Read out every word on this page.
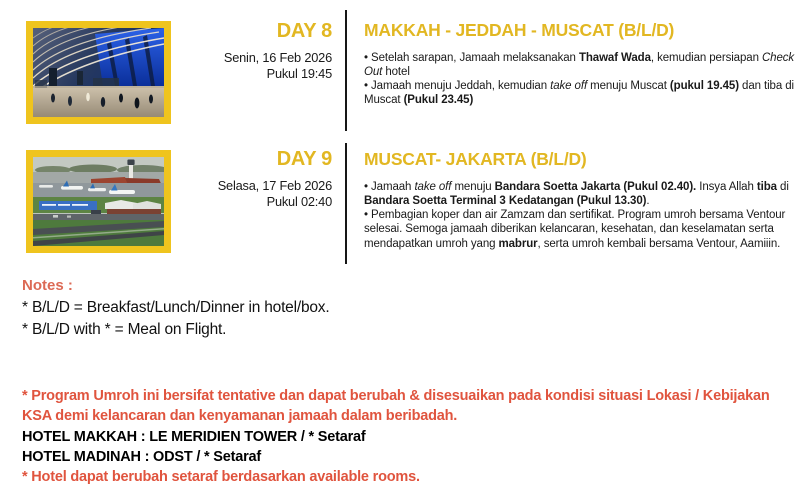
DAY 8
Senin, 16 Feb 2026
Pukul 19:45
MAKKAH - JEDDAH - MUSCAT (B/L/D)

• Setelah sarapan, Jamaah melaksanakan Thawaf Wada, kemudian persiapan Check Out hotel

• Jamaah menuju Jeddah, kemudian take off menuju Muscat (pukul 19.45) dan tiba di Muscat (Pukul 23.45)

DAY 9
Selasa, 17 Feb 2026
Pukul 02:40
MUSCAT- JAKARTA (B/L/D)

• Jamaah take off menuju Bandara Soetta Jakarta (Pukul 02.40). Insya Allah tiba di Bandara Soetta Terminal 3 Kedatangan (Pukul 13.30).

• Pembagian koper dan air Zamzam dan sertifikat. Program umroh bersama Ventour selesai. Semoga jamaah diberikan kelancaran, kesehatan, dan keselamatan serta mendapatkan umroh yang mabrur, serta umroh kembali bersama Ventour, Aamiiin.

Notes :
* B/L/D = Breakfast/Lunch/Dinner in hotel/box.
* B/L/D with * = Meal on Flight.

* Program Umroh ini bersifat tentative dan dapat berubah & disesuaikan pada kondisi situasi Lokasi / Kebijakan KSA demi kelancaran dan kenyamanan jamaah dalam beribadah.

HOTEL MAKKAH : LE MERIDIEN TOWER / * Setaraf

HOTEL MADINAH : ODST / * Setaraf

* Hotel dapat berubah setaraf berdasarkan available rooms.
